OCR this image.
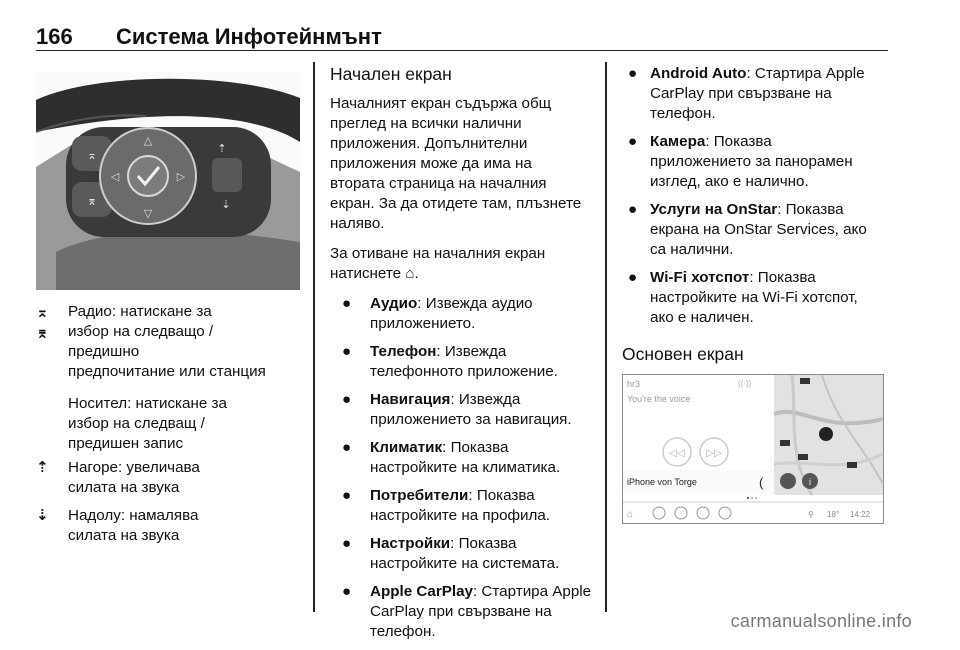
166 Система Инфотейнмънт
⌅
⌆
△
▽
◁	▷
⇡
⇣
⌅
⌆
Радио: натискане за
избор на следващо /
предишно
предпочитание или станция
Носител: натискане за
избор на следващ /
предишен запис
⇡	Нагоре: увеличава
силата на звука
⇣	Надолу: намалява
силата на звука
Начален екран

Началният екран съдържа общ
преглед на всички налични
приложения. Допълнителни
приложения може да има на
втората страница на началния
екран. За да отидете там, плъзнете
наляво.

За отиване на началния екран
натиснете ⌂.

● Аудио: Извежда аудио
приложението.
● Телефон: Извежда
телефонното приложение.
● Навигация: Извежда
приложението за навигация.
● Климатик: Показва
настройките на климатика.
● Потребители: Показва
настройките на профила.
● Настройки: Показва
настройките на системата.
● Apple CarPlay: Стартира Apple
CarPlay при свързване на
телефон.
● Android Auto: Стартира Apple
CarPlay при свързване на
телефон.
● Камера: Показва
приложението за панорамен
изглед, ако е налично.
● Услуги на OnStar: Показва
екрана на OnStar Services, ако
са налични.
● Wi-Fi хотспот: Показва
настройките на Wi-Fi хотспот,
ако е наличен.
Основен екран
hr3
You're the voice
((·))
◁◁ ▷▷
iPhone von Torge	(	i
⌂	⚲ 18° 14:22
carmanualsonline.info
